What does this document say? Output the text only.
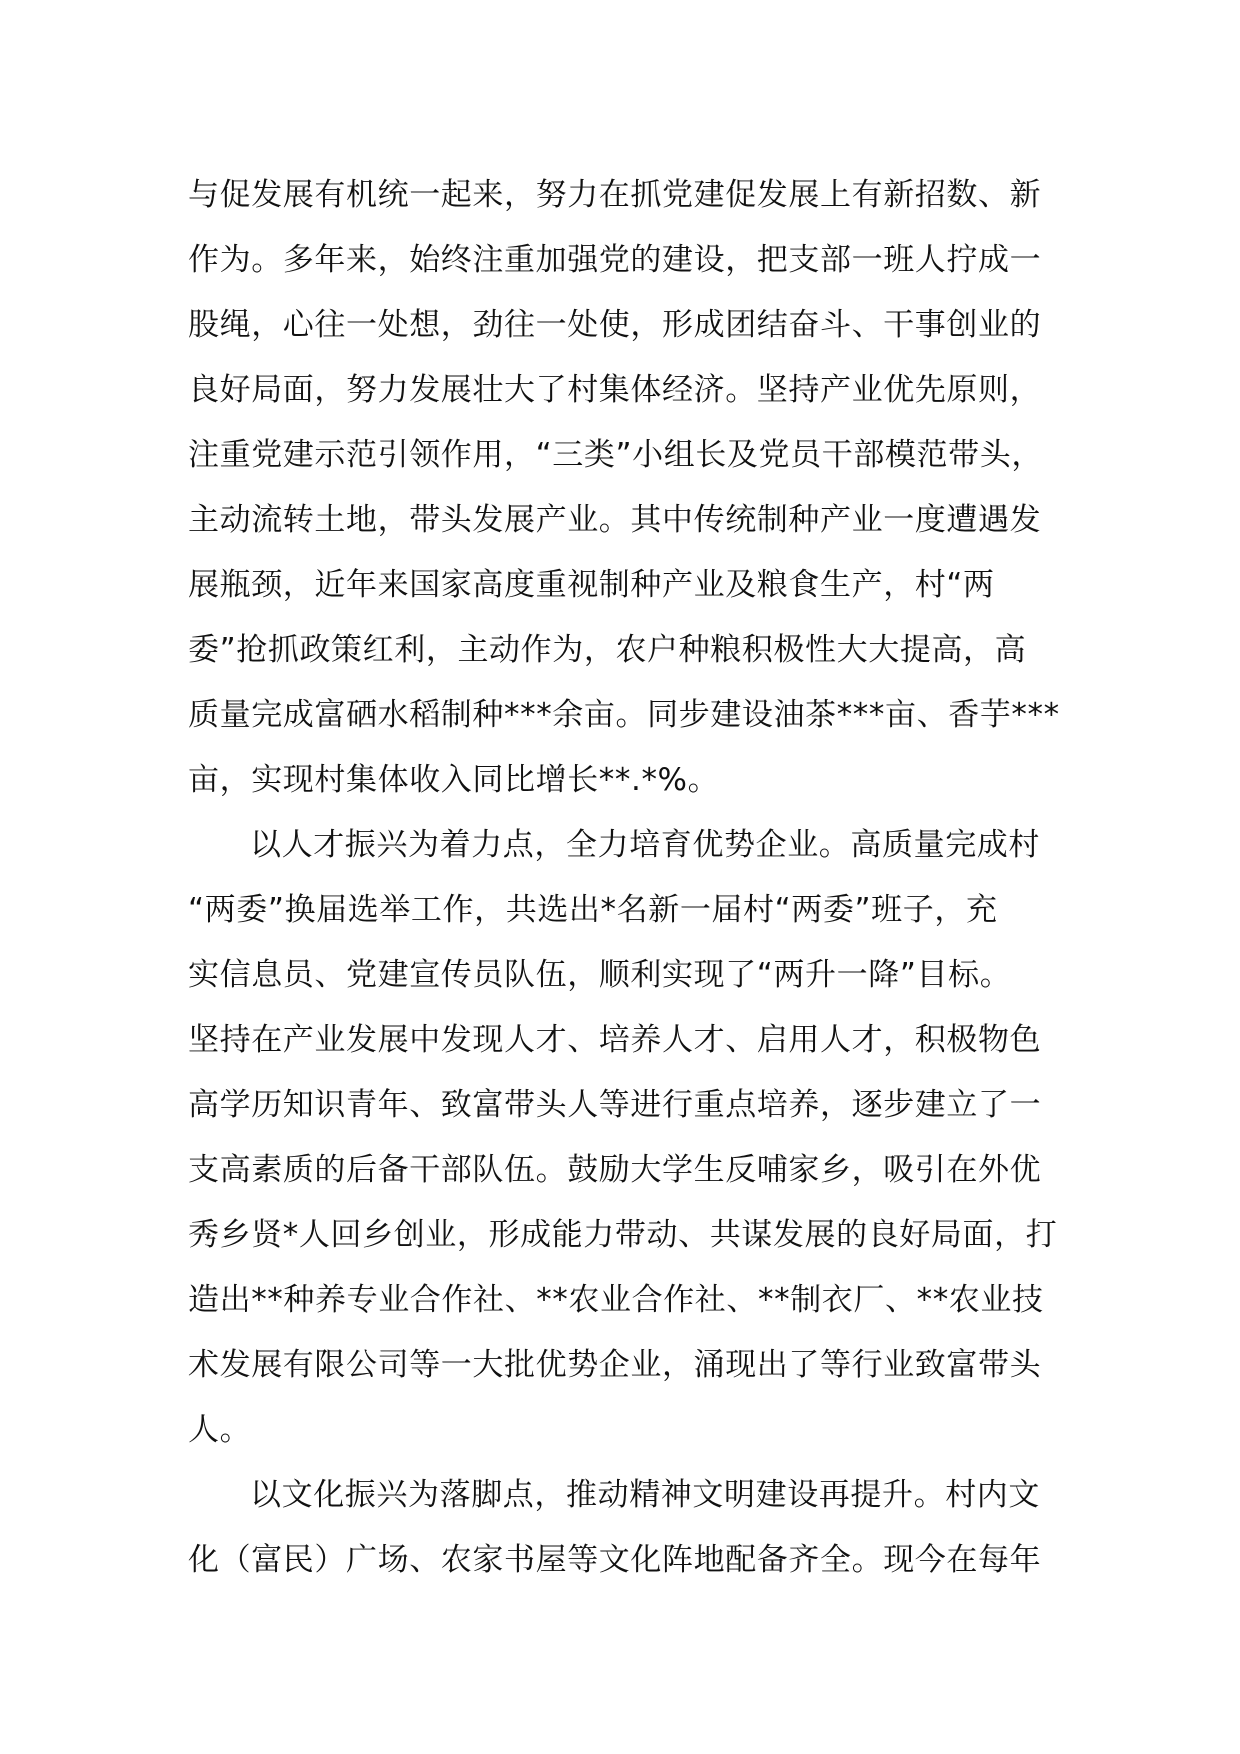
与促发展有机统一起来，努力在抓党建促发展上有新招数、新
作为。多年来，始终注重加强党的建设，把支部一班人拧成一
股绳，心往一处想，劲往一处使，形成团结奋斗、干事创业的
良好局面，努力发展壮大了村集体经济。坚持产业优先原则，
注重党建示范引领作用，“三类”小组长及党员干部模范带头，
主动流转土地，带头发展产业。其中传统制种产业一度遭遇发
展瓶颈，近年来国家高度重视制种产业及粮食生产，村“两
委”抢抓政策红利，主动作为，农户种粮积极性大大提高，高
质量完成富硒水稻制种***余亩。同步建设油茶***亩、香芋***
亩，实现村集体收入同比增长**.*%。
以人才振兴为着力点，全力培育优势企业。高质量完成村
“两委”换届选举工作，共选出*名新一届村“两委”班子，充
实信息员、党建宣传员队伍，顺利实现了“两升一降”目标。
坚持在产业发展中发现人才、培养人才、启用人才，积极物色
高学历知识青年、致富带头人等进行重点培养，逐步建立了一
支高素质的后备干部队伍。鼓励大学生反哺家乡，吸引在外优
秀乡贤*人回乡创业，形成能力带动、共谋发展的良好局面，打
造出**种养专业合作社、**农业合作社、**制衣厂、**农业技
术发展有限公司等一大批优势企业，涌现出了等行业致富带头
人。
以文化振兴为落脚点，推动精神文明建设再提升。村内文
化（富民）广场、农家书屋等文化阵地配备齐全。现今在每年
